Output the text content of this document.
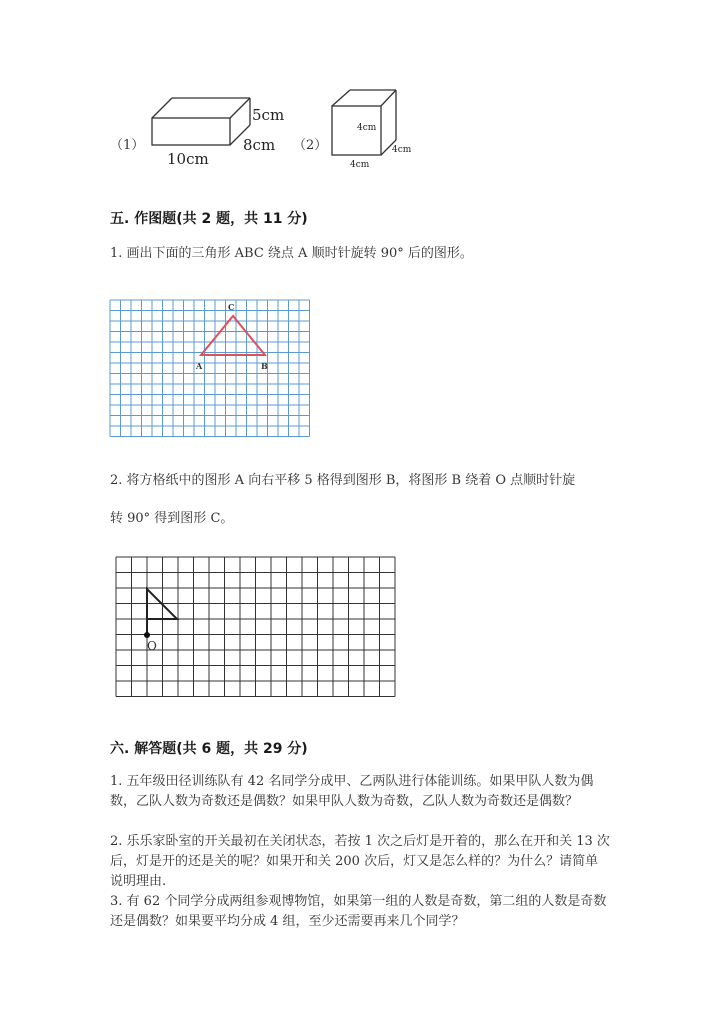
（1）
5cm
8cm
10cm
（2）
4cm
4cm
4cm
五. 作图题(共 2 题，共 11 分)
1. 画出下面的三角形 ABC 绕点 A 顺时针旋转 90° 后的图形。
A	B
C
2. 将方格纸中的图形 A 向右平移 5 格得到图形 B，将图形 B 绕着 O 点顺时针旋
转 90° 得到图形 C。
O
六. 解答题(共 6 题，共 29 分)
1. 五年级田径训练队有 42 名同学分成甲、乙两队进行体能训练。如果甲队人数为偶数，乙队人数为奇数还是偶数？如果甲队人数为奇数，乙队人数为奇数还是偶数？
2. 乐乐家卧室的开关最初在关闭状态，若按 1 次之后灯是开着的，那么在开和关 13 次后，灯是开的还是关的呢？如果开和关 200 次后，灯又是怎么样的？为什么？请简单说明理由.
3. 有 62 个同学分成两组参观博物馆，如果第一组的人数是奇数，第二组的人数是奇数还是偶数？如果要平均分成 4 组，至少还需要再来几个同学？
